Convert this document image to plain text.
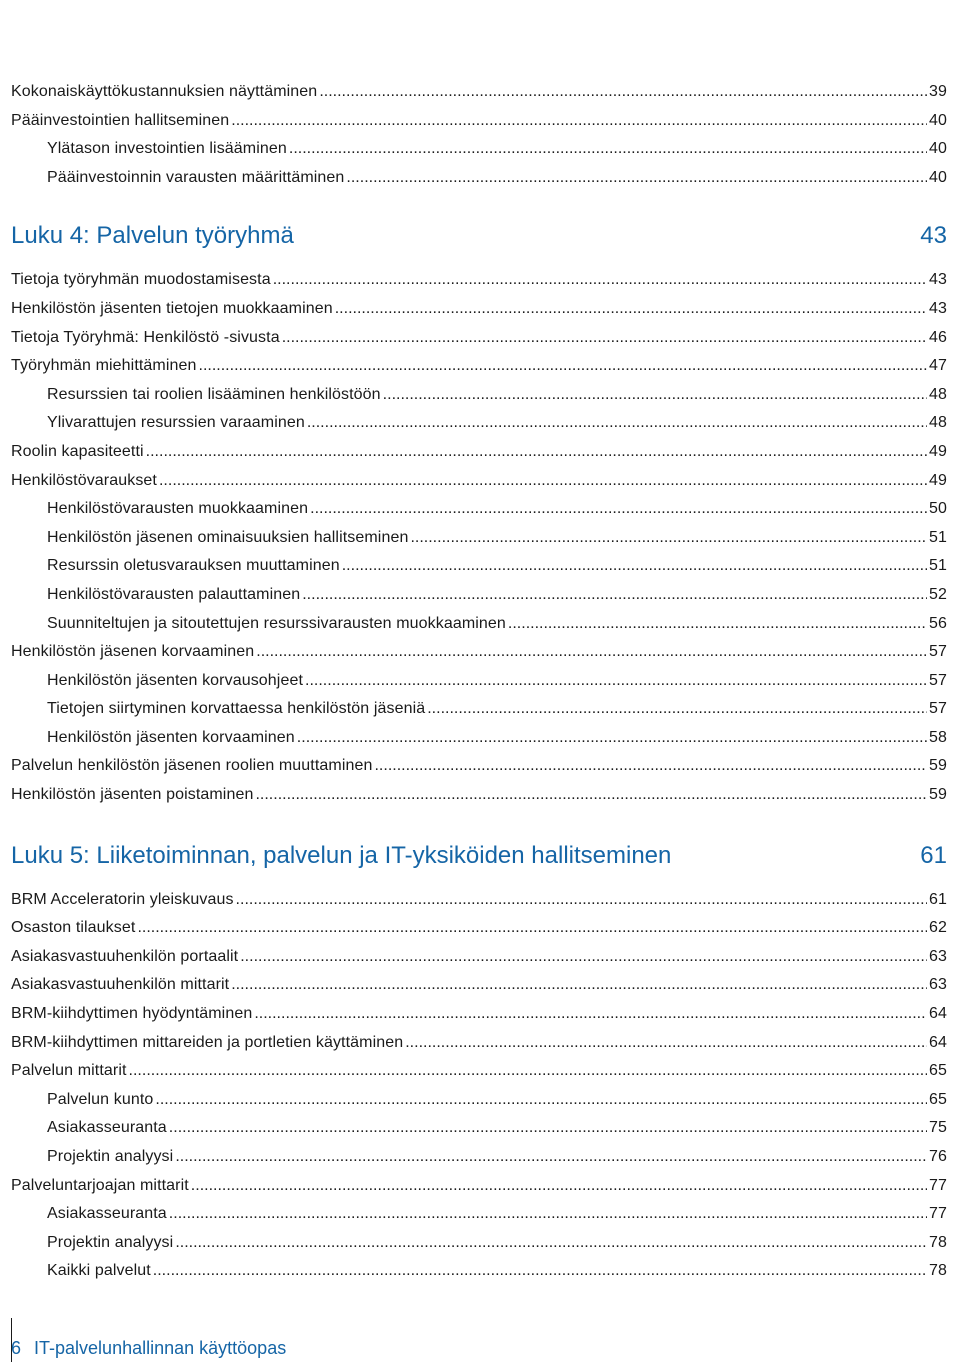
Kokonaiskäyttökustannuksien näyttäminen .....	39
Pääinvestointien hallitseminen .....	40
Ylätason investointien lisääminen .....	40
Pääinvestoinnin varausten määrittäminen .....	40
Luku 4: Palvelun työryhmä	43
Tietoja työryhmän muodostamisesta .....	43
Henkilöstön jäsenten tietojen muokkaaminen .....	43
Tietoja Työryhmä: Henkilöstö -sivusta .....	46
Työryhmän miehittäminen .....	47
Resurssien tai roolien lisääminen henkilöstöön .....	48
Ylivarattujen resurssien varaaminen .....	48
Roolin kapasiteetti .....	49
Henkilöstövaraukset .....	49
Henkilöstövarausten muokkaaminen .....	50
Henkilöstön jäsenen ominaisuuksien hallitseminen .....	51
Resurssin oletusvarauksen muuttaminen .....	51
Henkilöstövarausten palauttaminen .....	52
Suunniteltujen ja sitoutettujen resurssivarausten muokkaaminen .....	56
Henkilöstön jäsenen korvaaminen .....	57
Henkilöstön jäsenten korvausohjeet .....	57
Tietojen siirtyminen korvattaessa henkilöstön jäseniä .....	57
Henkilöstön jäsenten korvaaminen .....	58
Palvelun henkilöstön jäsenen roolien muuttaminen .....	59
Henkilöstön jäsenten poistaminen .....	59
Luku 5: Liiketoiminnan, palvelun ja IT-yksiköiden hallitseminen	61
BRM Acceleratorin yleiskuvaus .....	61
Osaston tilaukset .....	62
Asiakasvastuuhenkilön portaalit .....	63
Asiakasvastuuhenkilön mittarit .....	63
BRM-kiihdyttimen hyödyntäminen .....	64
BRM-kiihdyttimen mittareiden ja portletien käyttäminen .....	64
Palvelun mittarit .....	65
Palvelun kunto .....	65
Asiakasseuranta .....	75
Projektin analyysi .....	76
Palveluntarjoajan mittarit .....	77
Asiakasseuranta .....	77
Projektin analyysi .....	78
Kaikki palvelut .....	78
6 IT-palvelunhallinnan käyttöopas
